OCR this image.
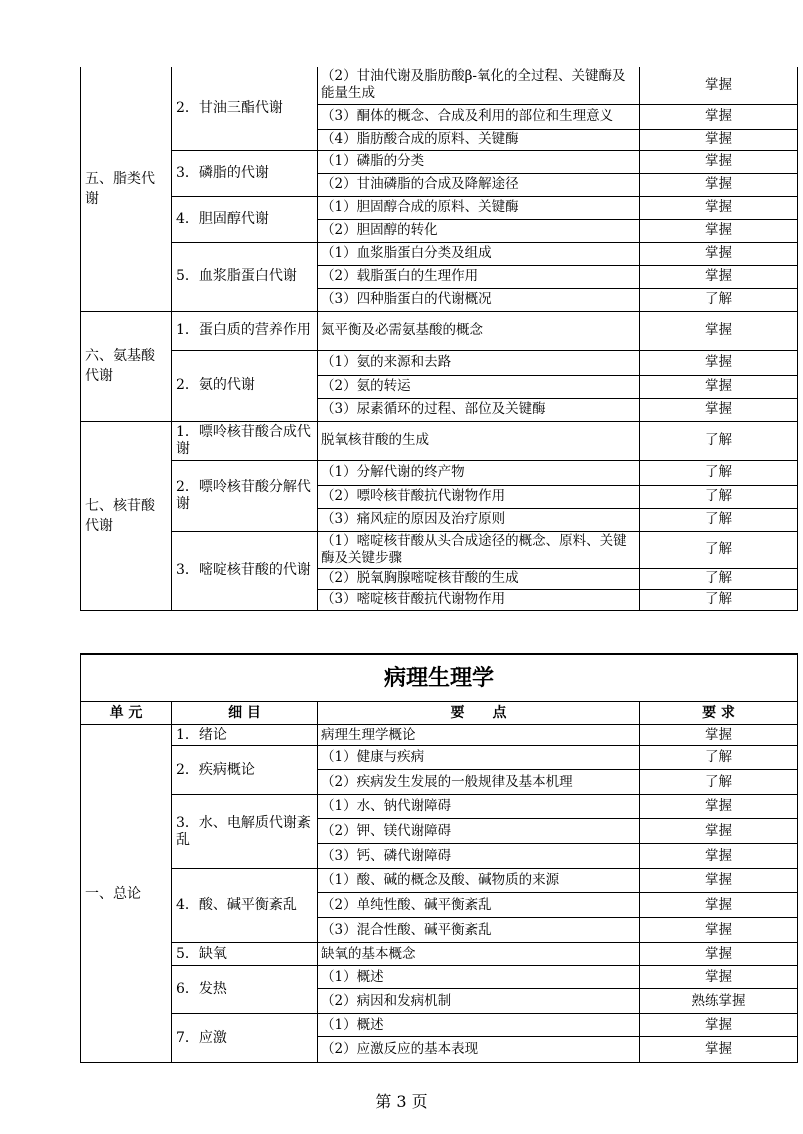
五、脂类代谢	2．甘油三酯代谢	（2）甘油代谢及脂肪酸β-氧化的全过程、关键酶及能量生成	掌握
		（3）酮体的概念、合成及利用的部位和生理意义	掌握
		（4）脂肪酸合成的原料、关键酶	掌握
	3．磷脂的代谢	（1）磷脂的分类	掌握
		（2）甘油磷脂的合成及降解途径	掌握
	4．胆固醇代谢	（1）胆固醇合成的原料、关键酶	掌握
		（2）胆固醇的转化	掌握
	5．血浆脂蛋白代谢	（1）血浆脂蛋白分类及组成	掌握
		（2）载脂蛋白的生理作用	掌握
		（3）四种脂蛋白的代谢概况	了解
六、氨基酸代谢	1．蛋白质的营养作用	氮平衡及必需氨基酸的概念	掌握
	2．氨的代谢	（1）氨的来源和去路	掌握
		（2）氨的转运	掌握
		（3）尿素循环的过程、部位及关键酶	掌握
七、核苷酸代谢	1．嘌呤核苷酸合成代谢	脱氧核苷酸的生成	了解
	2．嘌呤核苷酸分解代谢	（1）分解代谢的终产物	了解
		（2）嘌呤核苷酸抗代谢物作用	了解
		（3）痛风症的原因及治疗原则	了解
	3．嘧啶核苷酸的代谢	（1）嘧啶核苷酸从头合成途径的概念、原料、关键酶及关键步骤	了解
		（2）脱氧胸腺嘧啶核苷酸的生成	了解
		（3）嘧啶核苷酸抗代谢物作用	了解
病理生理学			
单 元	细 目	要　　点	要 求
一、总论	1．绪论	病理生理学概论	掌握
	2．疾病概论	（1）健康与疾病	了解
		（2）疾病发生发展的一般规律及基本机理	了解
	3．水、电解质代谢紊乱	（1）水、钠代谢障碍	掌握
		（2）钾、镁代谢障碍	掌握
		（3）钙、磷代谢障碍	掌握
	4．酸、碱平衡紊乱	（1）酸、碱的概念及酸、碱物质的来源	掌握
		（2）单纯性酸、碱平衡紊乱	掌握
		（3）混合性酸、碱平衡紊乱	掌握
	5．缺氧	缺氧的基本概念	掌握
	6．发热	（1）概述	掌握
		（2）病因和发病机制	熟练掌握
	7．应激	（1）概述	掌握
		（2）应激反应的基本表现	掌握
第 3 页
